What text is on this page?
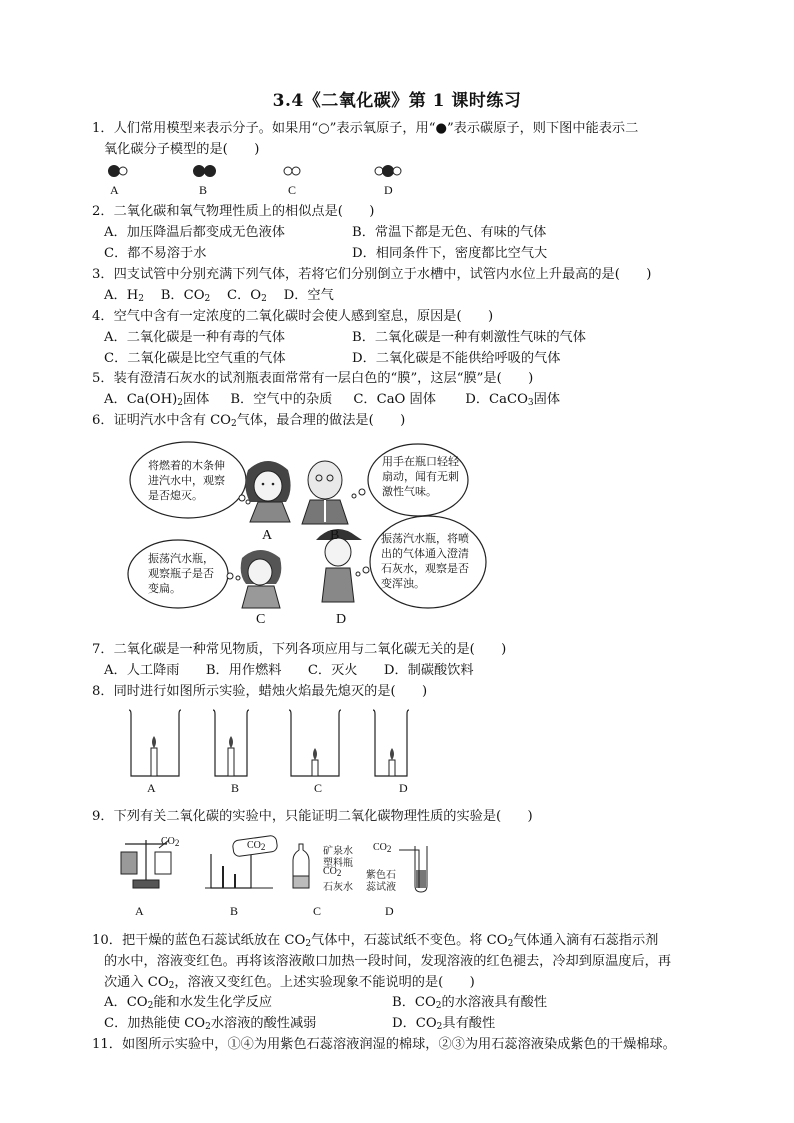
3.4《二氧化碳》第 1 课时练习
1．人们常用模型来表示分子。如果用“○”表示氧原子，用“●”表示碳原子，则下图中能表示二
氧化碳分子模型的是(　　)
A	B	C	D
2．二氧化碳和氧气物理性质上的相似点是(　　)
A．加压降温后都变成无色液体	B．常温下都是无色、有味的气体
C．都不易溶于水	D．相同条件下，密度都比空气大
3．四支试管中分别充满下列气体，若将它们分别倒立于水槽中，试管内水位上升最高的是(　　)
A．$H_2$ B．$CO_2$ C．$O_2$ D．空气
4．空气中含有一定浓度的二氧化碳时会使人感到窒息，原因是(　　)
A．二氧化碳是一种有毒的气体	B．二氧化碳是一种有刺激性气味的气体
C．二氧化碳是比空气重的气体	D．二氧化碳是不能供给呼吸的气体
5．装有澄清石灰水的试剂瓶表面常常有一层白色的“膜”，这层“膜”是(　　)
A．$Ca(OH)_2$固体 B．空气中的杂质 C．CaO 固体 D．CaCO$_3$固体
6．证明汽水中含有 $CO_2$气体，最合理的做法是(　　)
将燃着的木条伸进汽水中，观察是否熄灭。
用手在瓶口轻轻扇动，闻有无刺激性气味。
振荡汽水瓶，观察瓶子是否变扁。
振荡汽水瓶，将喷出的气体通入澄清石灰水，观察是否变浑浊。
A	B
C	D
7．二氧化碳是一种常见物质，下列各项应用与二氧化碳无关的是(　　)
A．人工降雨　　B．用作燃料　　C．灭火　　D．制碳酸饮料
8．同时进行如图所示实验，蜡烛火焰最先熄灭的是(　　)
A	B	C	D
9．下列有关二氧化碳的实验中，只能证明二氧化碳物理性质的实验是(　　)
CO2	CO2	矿泉水
塑料瓶
CO2
石灰水
CO2
紫色石
蕊试液
A	B	C	D
10．把干燥的蓝色石蕊试纸放在 $CO_2$气体中，石蕊试纸不变色。将 $CO_2$气体通入滴有石蕊指示剂
的水中，溶液变红色。再将该溶液敞口加热一段时间，发现溶液的红色褪去，冷却到原温度后，再
次通入 $CO_2$，溶液又变红色。上述实验现象不能说明的是(　　)
A．$CO_2$能和水发生化学反应	B．$CO_2$的水溶液具有酸性
C．加热能使 $CO_2$水溶液的酸性减弱	D．$CO_2$具有酸性
11．如图所示实验中，①④为用紫色石蕊溶液润湿的棉球，②③为用石蕊溶液染成紫色的干燥棉球。
